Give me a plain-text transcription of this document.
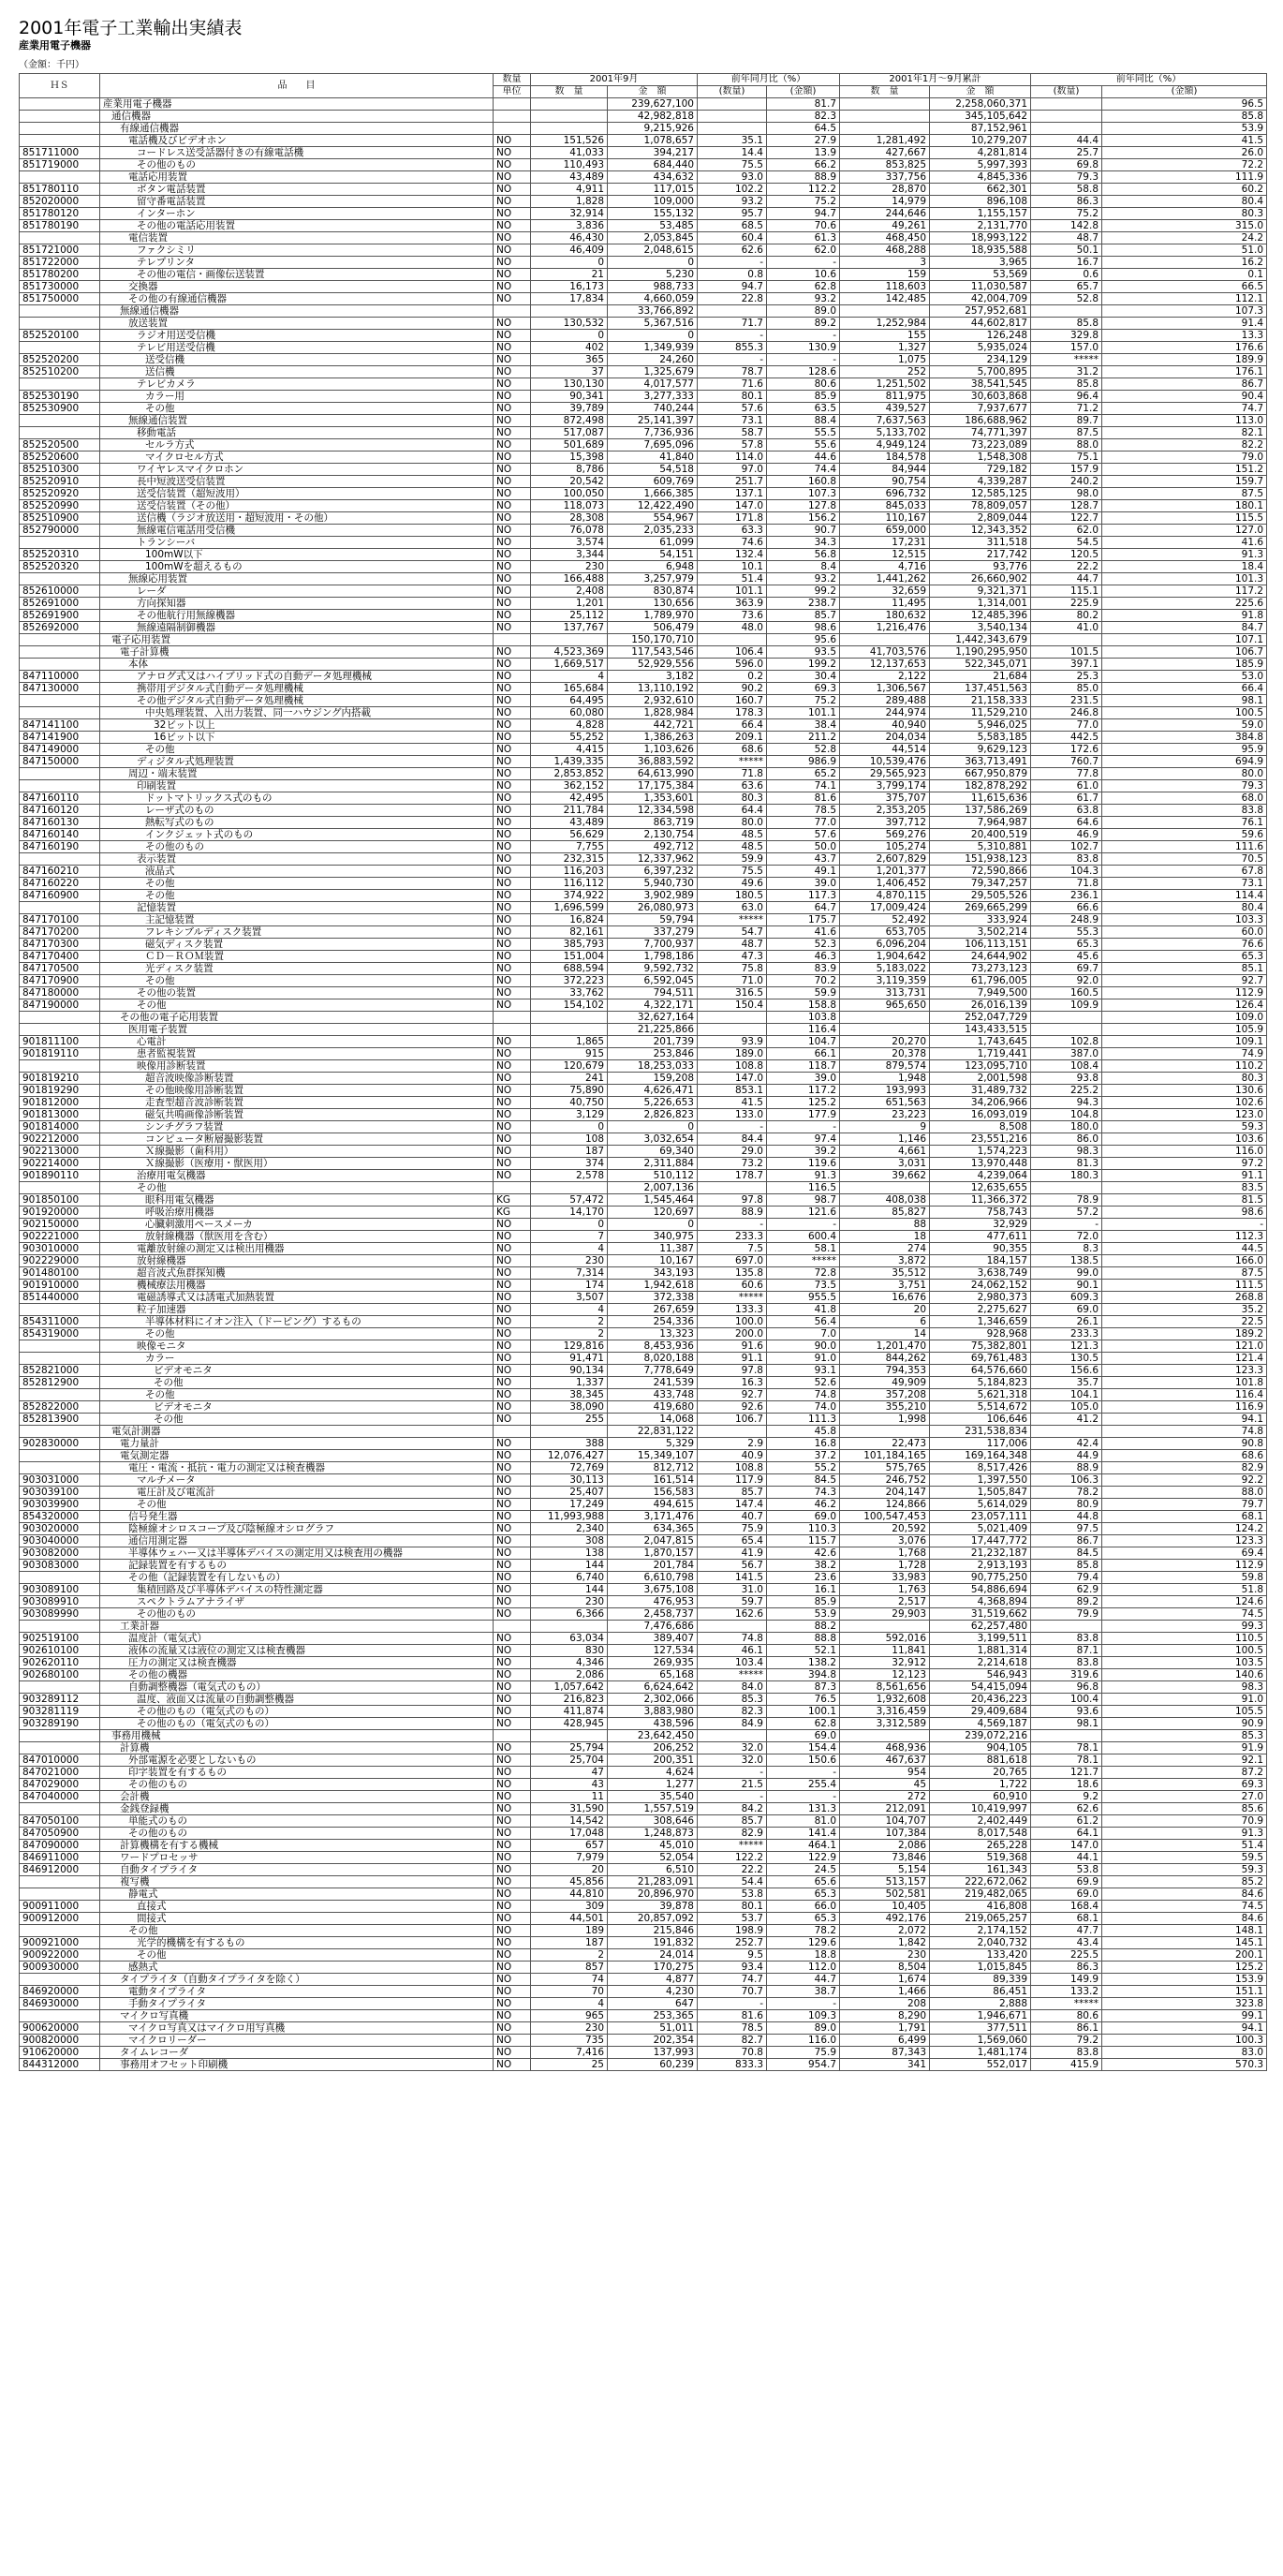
2001年電子工業輸出実績表
産業用電子機器
（金額：千円）
ＨＳ	品　　目	数量	2001年9月		前年同月比（%）		2001年1月～9月累計		前年同比（%）	
		単位	数　量	金　額	(数量)	(金額)	数　量	金　額	(数量)	(金額)
	産業用電子機器			239,627,100		81.7		2,258,060,371		96.5
	通信機器			42,982,818		82.3		345,105,642		85.8
	有線通信機器			9,215,926		64.5		87,152,961		53.9
	電話機及びビデオホン	NO	151,526	1,078,657	35.1	27.9	1,281,492	10,279,207	44.4	41.5
851711000	コードレス送受話器付きの有線電話機	NO	41,033	394,217	14.4	13.9	427,667	4,281,814	25.7	26.0
851719000	その他のもの	NO	110,493	684,440	75.5	66.2	853,825	5,997,393	69.8	72.2
	電話応用装置	NO	43,489	434,632	93.0	88.9	337,756	4,845,336	79.3	111.9
851780110	ボタン電話装置	NO	4,911	117,015	102.2	112.2	28,870	662,301	58.8	60.2
852020000	留守番電話装置	NO	1,828	109,000	93.2	75.2	14,979	896,108	86.3	80.4
851780120	インターホン	NO	32,914	155,132	95.7	94.7	244,646	1,155,157	75.2	80.3
851780190	その他の電話応用装置	NO	3,836	53,485	68.5	70.6	49,261	2,131,770	142.8	315.0
	電信装置	NO	46,430	2,053,845	60.4	61.3	468,450	18,993,122	48.7	24.2
851721000	ファクシミリ	NO	46,409	2,048,615	62.6	62.0	468,288	18,935,588	50.1	51.0
851722000	テレプリンタ	NO	0	0	-	-	3	3,965	16.7	16.2
851780200	その他の電信・画像伝送装置	NO	21	5,230	0.8	10.6	159	53,569	0.6	0.1
851730000	交換器	NO	16,173	988,733	94.7	62.8	118,603	11,030,587	65.7	66.5
851750000	その他の有線通信機器	NO	17,834	4,660,059	22.8	93.2	142,485	42,004,709	52.8	112.1
	無線通信機器			33,766,892		89.0		257,952,681		107.3
	放送装置	NO	130,532	5,367,516	71.7	89.2	1,252,984	44,602,817	85.8	91.4
852520100	ラジオ用送受信機	NO	0	0	-	-	155	126,248	329.8	13.3
	テレビ用送受信機	NO	402	1,349,939	855.3	130.9	1,327	5,935,024	157.0	176.6
852520200	送受信機	NO	365	24,260	-	-	1,075	234,129	*****	189.9
852510200	送信機	NO	37	1,325,679	78.7	128.6	252	5,700,895	31.2	176.1
	テレビカメラ	NO	130,130	4,017,577	71.6	80.6	1,251,502	38,541,545	85.8	86.7
852530190	カラー用	NO	90,341	3,277,333	80.1	85.9	811,975	30,603,868	96.4	90.4
852530900	その他	NO	39,789	740,244	57.6	63.5	439,527	7,937,677	71.2	74.7
	無線通信装置	NO	872,498	25,141,397	73.1	88.4	7,637,563	186,688,962	89.7	113.0
	移動電話	NO	517,087	7,736,936	58.7	55.5	5,133,702	74,771,397	87.5	82.1
852520500	セルラ方式	NO	501,689	7,695,096	57.8	55.6	4,949,124	73,223,089	88.0	82.2
852520600	マイクロセル方式	NO	15,398	41,840	114.0	44.6	184,578	1,548,308	75.1	79.0
852510300	ワイヤレスマイクロホン	NO	8,786	54,518	97.0	74.4	84,944	729,182	157.9	151.2
852520910	長中短波送受信装置	NO	20,542	609,769	251.7	160.8	90,754	4,339,287	240.2	159.7
852520920	送受信装置（超短波用）	NO	100,050	1,666,385	137.1	107.3	696,732	12,585,125	98.0	87.5
852520990	送受信装置（その他）	NO	118,073	12,422,490	147.0	127.8	845,033	78,809,057	128.7	180.1
852510900	送信機（ラジオ放送用・超短波用・その他）	NO	28,308	554,967	171.8	156.2	110,167	2,809,044	122.7	115.5
852790000	無線電信電話用受信機	NO	76,078	2,035,233	63.3	90.7	659,000	12,343,352	62.0	127.0
	トランシーバ	NO	3,574	61,099	74.6	34.3	17,231	311,518	54.5	41.6
852520310	100mW以下	NO	3,344	54,151	132.4	56.8	12,515	217,742	120.5	91.3
852520320	100mWを超えるもの	NO	230	6,948	10.1	8.4	4,716	93,776	22.2	18.4
	無線応用装置	NO	166,488	3,257,979	51.4	93.2	1,441,262	26,660,902	44.7	101.3
852610000	レーダ	NO	2,408	830,874	101.1	99.2	32,659	9,321,371	115.1	117.2
852691000	方向探知器	NO	1,201	130,656	363.9	238.7	11,495	1,314,001	225.9	225.6
852691900	その他航行用無線機器	NO	25,112	1,789,970	73.6	85.7	180,632	12,485,396	80.2	91.8
852692000	無線遠隔制御機器	NO	137,767	506,479	48.0	98.6	1,216,476	3,540,134	41.0	84.7
	電子応用装置			150,170,710		95.6		1,442,343,679		107.1
	電子計算機	NO	4,523,369	117,543,546	106.4	93.5	41,703,576	1,190,295,950	101.5	106.7
	本体	NO	1,669,517	52,929,556	596.0	199.2	12,137,653	522,345,071	397.1	185.9
847110000	アナログ式又はハイブリッド式の自動データ処理機械	NO	4	3,182	0.2	30.4	2,122	21,684	25.3	53.0
847130000	携帯用デジタル式自動データ処理機械	NO	165,684	13,110,192	90.2	69.3	1,306,567	137,451,563	85.0	66.4
	その他デジタル式自動データ処理機械	NO	64,495	2,932,610	160.7	75.2	289,488	21,158,333	231.5	98.1
	中央処理装置、入出力装置、同一ハウジング内搭載	NO	60,080	1,828,984	178.3	101.1	244,974	11,529,210	246.8	100.5
847141100	32ビット以上	NO	4,828	442,721	66.4	38.4	40,940	5,946,025	77.0	59.0
847141900	16ビット以下	NO	55,252	1,386,263	209.1	211.2	204,034	5,583,185	442.5	384.8
847149000	その他	NO	4,415	1,103,626	68.6	52.8	44,514	9,629,123	172.6	95.9
847150000	ディジタル式処理装置	NO	1,439,335	36,883,592	*****	986.9	10,539,476	363,713,491	760.7	694.9
	周辺・端末装置	NO	2,853,852	64,613,990	71.8	65.2	29,565,923	667,950,879	77.8	80.0
	印刷装置	NO	362,152	17,175,384	63.6	74.1	3,799,174	182,878,292	61.0	79.3
847160110	ドットマトリックス式のもの	NO	42,495	1,353,601	80.3	81.6	375,707	11,615,636	61.7	68.0
847160120	レーザ式のもの	NO	211,784	12,334,598	64.4	78.5	2,353,205	137,586,269	63.8	83.8
847160130	熱転写式のもの	NO	43,489	863,719	80.0	77.0	397,712	7,964,987	64.6	76.1
847160140	インクジェット式のもの	NO	56,629	2,130,754	48.5	57.6	569,276	20,400,519	46.9	59.6
847160190	その他のもの	NO	7,755	492,712	48.5	50.0	105,274	5,310,881	102.7	111.6
	表示装置	NO	232,315	12,337,962	59.9	43.7	2,607,829	151,938,123	83.8	70.5
847160210	液晶式	NO	116,203	6,397,232	75.5	49.1	1,201,377	72,590,866	104.3	67.8
847160220	その他	NO	116,112	5,940,730	49.6	39.0	1,406,452	79,347,257	71.8	73.1
847160900	その他	NO	374,922	3,902,989	180.5	117.3	4,870,115	29,505,526	236.1	114.4
	記憶装置	NO	1,696,599	26,080,973	63.0	64.7	17,009,424	269,665,299	66.6	80.4
847170100	主記憶装置	NO	16,824	59,794	*****	175.7	52,492	333,924	248.9	103.3
847170200	フレキシブルディスク装置	NO	82,161	337,279	54.7	41.6	653,705	3,502,214	55.3	60.0
847170300	磁気ディスク装置	NO	385,793	7,700,937	48.7	52.3	6,096,204	106,113,151	65.3	76.6
847170400	ＣＤ－ＲＯＭ装置	NO	151,004	1,798,186	47.3	46.3	1,904,642	24,644,902	45.6	65.3
847170500	光ディスク装置	NO	688,594	9,592,732	75.8	83.9	5,183,022	73,273,123	69.7	85.1
847170900	その他	NO	372,223	6,592,045	71.0	70.2	3,119,359	61,796,005	92.0	92.7
847180000	その他の装置	NO	33,762	794,511	316.5	59.9	313,731	7,949,500	160.5	112.9
847190000	その他	NO	154,102	4,322,171	150.4	158.8	965,650	26,016,139	109.9	126.4
	その他の電子応用装置			32,627,164		103.8		252,047,729		109.0
	医用電子装置			21,225,866		116.4		143,433,515		105.9
901811100	心電計	NO	1,865	201,739	93.9	104.7	20,270	1,743,645	102.8	109.1
901819110	患者監視装置	NO	915	253,846	189.0	66.1	20,378	1,719,441	387.0	74.9
	映像用診断装置	NO	120,679	18,253,033	108.8	118.7	879,574	123,095,710	108.4	110.2
901819210	超音波映像診断装置	NO	241	159,208	147.0	39.0	1,948	2,001,598	93.8	80.3
901819290	その他映像用診断装置	NO	75,890	4,626,471	853.1	117.2	193,993	31,489,732	225.2	130.6
901812000	走査型超音波診断装置	NO	40,750	5,226,653	41.5	125.2	651,563	34,206,966	94.3	102.6
901813000	磁気共鳴画像診断装置	NO	3,129	2,826,823	133.0	177.9	23,223	16,093,019	104.8	123.0
901814000	シンチグラフ装置	NO	0	0	-	-	9	8,508	180.0	59.3
902212000	コンピュータ断層撮影装置	NO	108	3,032,654	84.4	97.4	1,146	23,551,216	86.0	103.6
902213000	Ｘ線撮影（歯科用）	NO	187	69,340	29.0	39.2	4,661	1,574,223	98.3	116.0
902214000	Ｘ線撮影（医療用・獣医用）	NO	374	2,311,884	73.2	119.6	3,031	13,970,448	81.3	97.2
901890110	治療用電気機器	NO	2,578	510,112	178.7	91.3	39,662	4,239,064	180.3	91.1
	その他			2,007,136		116.5		12,635,655		83.5
901850100	眼科用電気機器	KG	57,472	1,545,464	97.8	98.7	408,038	11,366,372	78.9	81.5
901920000	呼吸治療用機器	KG	14,170	120,697	88.9	121.6	85,827	758,743	57.2	98.6
902150000	心臓刺激用ペースメーカ	NO	0	0	-	-	88	32,929	-	-
902221000	放射線機器（獣医用を含む）	NO	7	340,975	233.3	600.4	18	477,611	72.0	112.3
903010000	電離放射線の測定又は検出用機器	NO	4	11,387	7.5	58.1	274	90,355	8.3	44.5
902229000	放射線機器	NO	230	10,167	697.0	*****	3,872	184,157	138.5	166.0
901480100	超音波式魚群探知機	NO	7,314	343,193	135.8	72.8	35,512	3,638,749	99.0	87.5
901910000	機械療法用機器	NO	174	1,942,618	60.6	73.5	3,751	24,062,152	90.1	111.5
851440000	電磁誘導式又は誘電式加熱装置	NO	3,507	372,338	*****	955.5	16,676	2,980,373	609.3	268.8
	粒子加速器	NO	4	267,659	133.3	41.8	20	2,275,627	69.0	35.2
854311000	半導体材料にイオン注入（ドーピング）するもの	NO	2	254,336	100.0	56.4	6	1,346,659	26.1	22.5
854319000	その他	NO	2	13,323	200.0	7.0	14	928,968	233.3	189.2
	映像モニタ	NO	129,816	8,453,936	91.6	90.0	1,201,470	75,382,801	121.3	121.0
	カラー	NO	91,471	8,020,188	91.1	91.0	844,262	69,761,483	130.5	121.4
852821000	ビデオモニタ	NO	90,134	7,778,649	97.8	93.1	794,353	64,576,660	156.6	123.3
852812900	その他	NO	1,337	241,539	16.3	52.6	49,909	5,184,823	35.7	101.8
	その他	NO	38,345	433,748	92.7	74.8	357,208	5,621,318	104.1	116.4
852822000	ビデオモニタ	NO	38,090	419,680	92.6	74.0	355,210	5,514,672	105.0	116.9
852813900	その他	NO	255	14,068	106.7	111.3	1,998	106,646	41.2	94.1
	電気計測器			22,831,122		45.8		231,538,834		74.8
902830000	電力量計	NO	388	5,329	2.9	16.8	22,473	117,006	42.4	90.8
	電気測定器	NO	12,076,427	15,349,107	40.9	37.2	101,184,165	169,164,348	44.9	68.6
	電圧・電流・抵抗・電力の測定又は検査機器	NO	72,769	812,712	108.8	55.2	575,765	8,517,426	88.9	82.9
903031000	マルチメータ	NO	30,113	161,514	117.9	84.5	246,752	1,397,550	106.3	92.2
903039100	電圧計及び電流計	NO	25,407	156,583	85.7	74.3	204,147	1,505,847	78.2	88.0
903039900	その他	NO	17,249	494,615	147.4	46.2	124,866	5,614,029	80.9	79.7
854320000	信号発生器	NO	11,993,988	3,171,476	40.7	69.0	100,547,453	23,057,111	44.8	68.1
903020000	陰極線オシロスコープ及び陰極線オシログラフ	NO	2,340	634,365	75.9	110.3	20,592	5,021,409	97.5	124.2
903040000	通信用測定器	NO	308	2,047,815	65.4	115.7	3,076	17,447,772	86.7	123.3
903082000	半導体ウェハー又は半導体デバイスの測定用又は検査用の機器	NO	138	1,870,157	41.9	42.6	1,768	21,232,187	84.5	69.4
903083000	記録装置を有するもの	NO	144	201,784	56.7	38.2	1,728	2,913,193	85.8	112.9
	その他（記録装置を有しないもの）	NO	6,740	6,610,798	141.5	23.6	33,983	90,775,250	79.4	59.8
903089100	集積回路及び半導体デバイスの特性測定器	NO	144	3,675,108	31.0	16.1	1,763	54,886,694	62.9	51.8
903089910	スペクトラムアナライザ	NO	230	476,953	59.7	85.9	2,517	4,368,894	89.2	124.6
903089990	その他のもの	NO	6,366	2,458,737	162.6	53.9	29,903	31,519,662	79.9	74.5
	工業計器			7,476,686		88.2		62,257,480		99.3
902519100	温度計（電気式）	NO	63,034	389,407	74.8	88.8	592,016	3,199,511	83.8	110.5
902610100	液体の流量又は液位の測定又は検査機器	NO	830	127,534	46.1	52.1	11,841	1,881,314	87.1	100.5
902620110	圧力の測定又は検査機器	NO	4,346	269,935	103.4	138.2	32,912	2,214,618	83.8	103.5
902680100	その他の機器	NO	2,086	65,168	*****	394.8	12,123	546,943	319.6	140.6
	自動調整機器（電気式のもの）	NO	1,057,642	6,624,642	84.0	87.3	8,561,656	54,415,094	96.8	98.3
903289112	温度、液面又は流量の自動調整機器	NO	216,823	2,302,066	85.3	76.5	1,932,608	20,436,223	100.4	91.0
903281119	その他のもの（電気式のもの）	NO	411,874	3,883,980	82.3	100.1	3,316,459	29,409,684	93.6	105.5
903289190	その他のもの（電気式のもの）	NO	428,945	438,596	84.9	62.8	3,312,589	4,569,187	98.1	90.9
	事務用機械			23,642,450		69.0		239,072,216		85.3
	計算機	NO	25,794	206,252	32.0	154.4	468,936	904,105	78.1	91.9
847010000	外部電源を必要としないもの	NO	25,704	200,351	32.0	150.6	467,637	881,618	78.1	92.1
847021000	印字装置を有するもの	NO	47	4,624	-	-	954	20,765	121.7	87.2
847029000	その他のもの	NO	43	1,277	21.5	255.4	45	1,722	18.6	69.3
847040000	会計機	NO	11	35,540	-	-	272	60,910	9.2	27.0
	金銭登録機	NO	31,590	1,557,519	84.2	131.3	212,091	10,419,997	62.6	85.6
847050100	単能式のもの	NO	14,542	308,646	85.7	81.0	104,707	2,402,449	61.2	70.9
847050900	その他のもの	NO	17,048	1,248,873	82.9	141.4	107,384	8,017,548	64.1	91.3
847090000	計算機構を有する機械	NO	657	45,010	*****	464.1	2,086	265,228	147.0	51.4
846911000	ワードプロセッサ	NO	7,979	52,054	122.2	122.9	73,846	519,368	44.1	59.5
846912000	自動タイプライタ	NO	20	6,510	22.2	24.5	5,154	161,343	53.8	59.3
	複写機	NO	45,856	21,283,091	54.4	65.6	513,157	222,672,062	69.9	85.2
	静電式	NO	44,810	20,896,970	53.8	65.3	502,581	219,482,065	69.0	84.6
900911000	直接式	NO	309	39,878	80.1	66.0	10,405	416,808	168.4	74.5
900912000	間接式	NO	44,501	20,857,092	53.7	65.3	492,176	219,065,257	68.1	84.6
	その他	NO	189	215,846	198.9	78.2	2,072	2,174,152	47.7	148.1
900921000	光学的機構を有するもの	NO	187	191,832	252.7	129.6	1,842	2,040,732	43.4	145.1
900922000	その他	NO	2	24,014	9.5	18.8	230	133,420	225.5	200.1
900930000	感熱式	NO	857	170,275	93.4	112.0	8,504	1,015,845	86.3	125.2
	タイプライタ（自動タイプライタを除く）	NO	74	4,877	74.7	44.7	1,674	89,339	149.9	153.9
846920000	電動タイプライタ	NO	70	4,230	70.7	38.7	1,466	86,451	133.2	151.1
846930000	手動タイプライタ	NO	4	647	-	-	208	2,888	*****	323.8
	マイクロ写真機	NO	965	253,365	81.6	109.3	8,290	1,946,671	80.6	99.1
900620000	マイクロ写真又はマイクロ用写真機	NO	230	51,011	78.5	89.0	1,791	377,511	86.1	94.1
900820000	マイクロリーダー	NO	735	202,354	82.7	116.0	6,499	1,569,060	79.2	100.3
910620000	タイムレコーダ	NO	7,416	137,993	70.8	75.9	87,343	1,481,174	83.8	83.0
844312000	事務用オフセット印刷機	NO	25	60,239	833.3	954.7	341	552,017	415.9	570.3
